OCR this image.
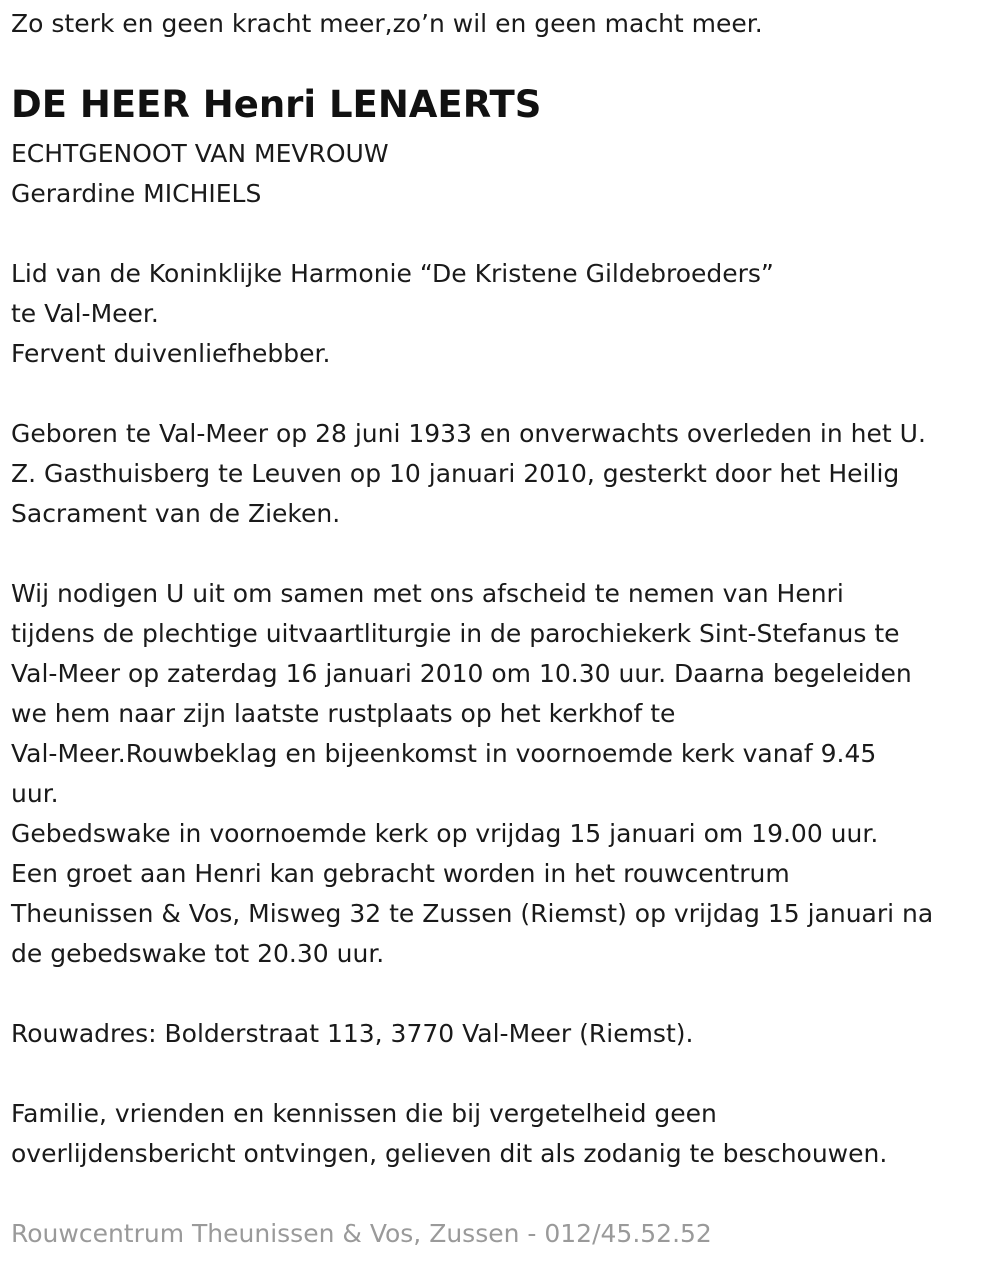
Zo sterk en geen kracht meer,zo’n wil en geen macht meer.

DE HEER Henri LENAERTS

ECHTGENOOT VAN MEVROUW

Gerardine MICHIELS

Lid van de Koninklijke Harmonie “De Kristene Gildebroeders”

te Val-Meer.

Fervent duivenliefhebber.

Geboren te Val-Meer op 28 juni 1933 en onverwachts overleden in het U.

Z. Gasthuisberg te Leuven op 10 januari 2010, gesterkt door het Heilig

Sacrament van de Zieken.

Wij nodigen U uit om samen met ons afscheid te nemen van Henri

tijdens de plechtige uitvaartliturgie in de parochiekerk Sint-Stefanus te

Val-Meer op zaterdag 16 januari 2010 om 10.30 uur. Daarna begeleiden

we hem naar zijn laatste rustplaats op het kerkhof te

Val-Meer.Rouwbeklag en bijeenkomst in voornoemde kerk vanaf 9.45

uur.

Gebedswake in voornoemde kerk op vrijdag 15 januari om 19.00 uur.

Een groet aan Henri kan gebracht worden in het rouwcentrum

Theunissen & Vos, Misweg 32 te Zussen (Riemst) op vrijdag 15 januari na

de gebedswake tot 20.30 uur.

Rouwadres: Bolderstraat 113, 3770 Val-Meer (Riemst).

Familie, vrienden en kennissen die bij vergetelheid geen

overlijdensbericht ontvingen, gelieven dit als zodanig te beschouwen.

Rouwcentrum Theunissen & Vos, Zussen - 012/45.52.52
